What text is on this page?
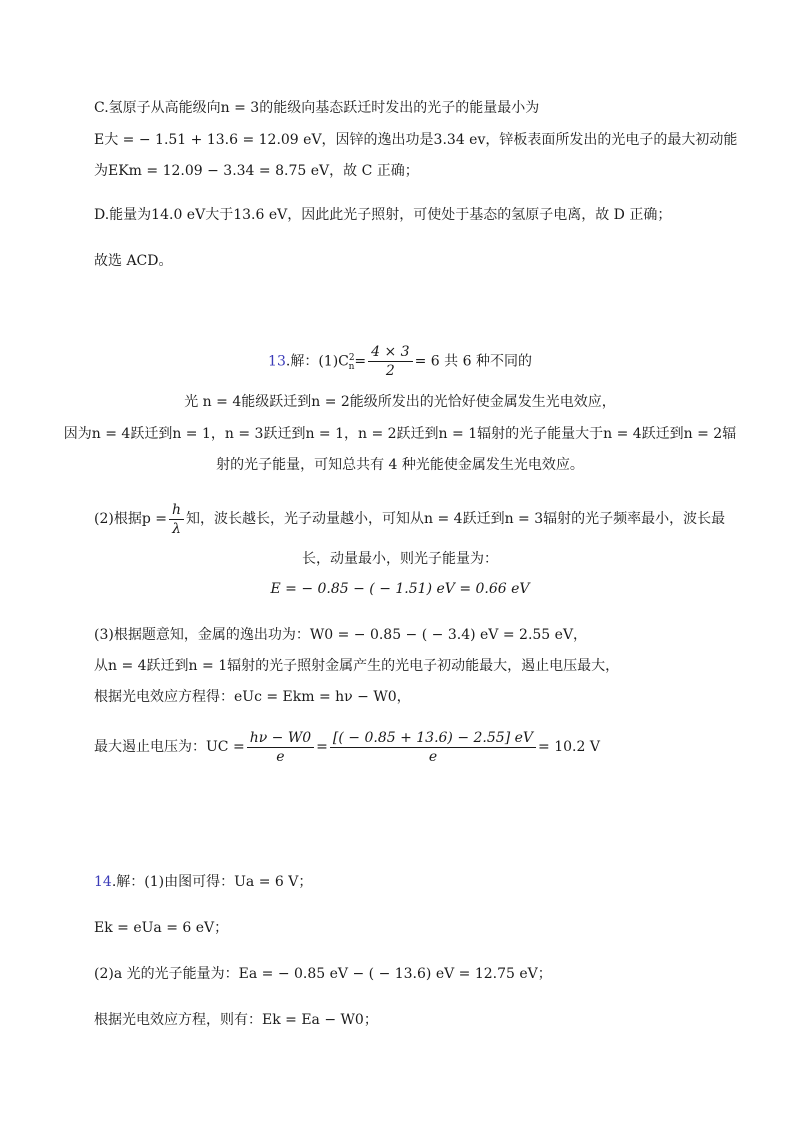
C.氢原子从高能级向n = 3的能级向基态跃迁时发出的光子的能量最小为
E大 = − 1.51 + 13.6 = 12.09 eV，因锌的逸出功是3.34 ev，锌板表面所发出的光电子的最大初动能
为EKm = 12.09 − 3.34 = 8.75 eV，故 C 正确；
D.能量为14.0 eV大于13.6 eV，因此此光子照射，可使处于基态的氢原子电离，故 D 正确；
故选 ACD。
13.解：$(1)C^2_n= \frac{4 \times 3}{2} = 6$ 共 6 种不同的
光 n = 4能级跃迁到n = 2能级所发出的光恰好使金属发生光电效应，
因为n = 4跃迁到n = 1，n = 3跃迁到n = 1，n = 2跃迁到n = 1辐射的光子能量大于n = 4跃迁到n = 2辐
射的光子能量，可知总共有 4 种光能使金属发生光电效应。
(2)根据$p = \frac{h}{\lambda}$ 知，波长越长，光子动量越小，可知从n = 4跃迁到n = 3辐射的光子频率最小，波长最
长，动量最小，则光子能量为：
E = − 0.85 − ( − 1.51) eV = 0.66 eV
(3)根据题意知，金属的逸出功为：W0 = − 0.85 − ( − 3.4) eV = 2.55 eV，
从n = 4跃迁到n = 1辐射的光子照射金属产生的光电子初动能最大，遏止电压最大，
根据光电效应方程得：eUc = Ekm = hν − W0，
最大遏止电压为：UC = $\frac{h\nu - W0}{e} = \frac{[( - 0.85 + 13.6) - 2.55] eV}{e} = 10.2$ V
14.解：(1)由图可得：Ua = 6 V；
Ek = eUa = 6 eV；
(2)a 光的光子能量为：Ea = − 0.85 eV − ( − 13.6) eV = 12.75 eV；
根据光电效应方程，则有：Ek = Ea − W0；
